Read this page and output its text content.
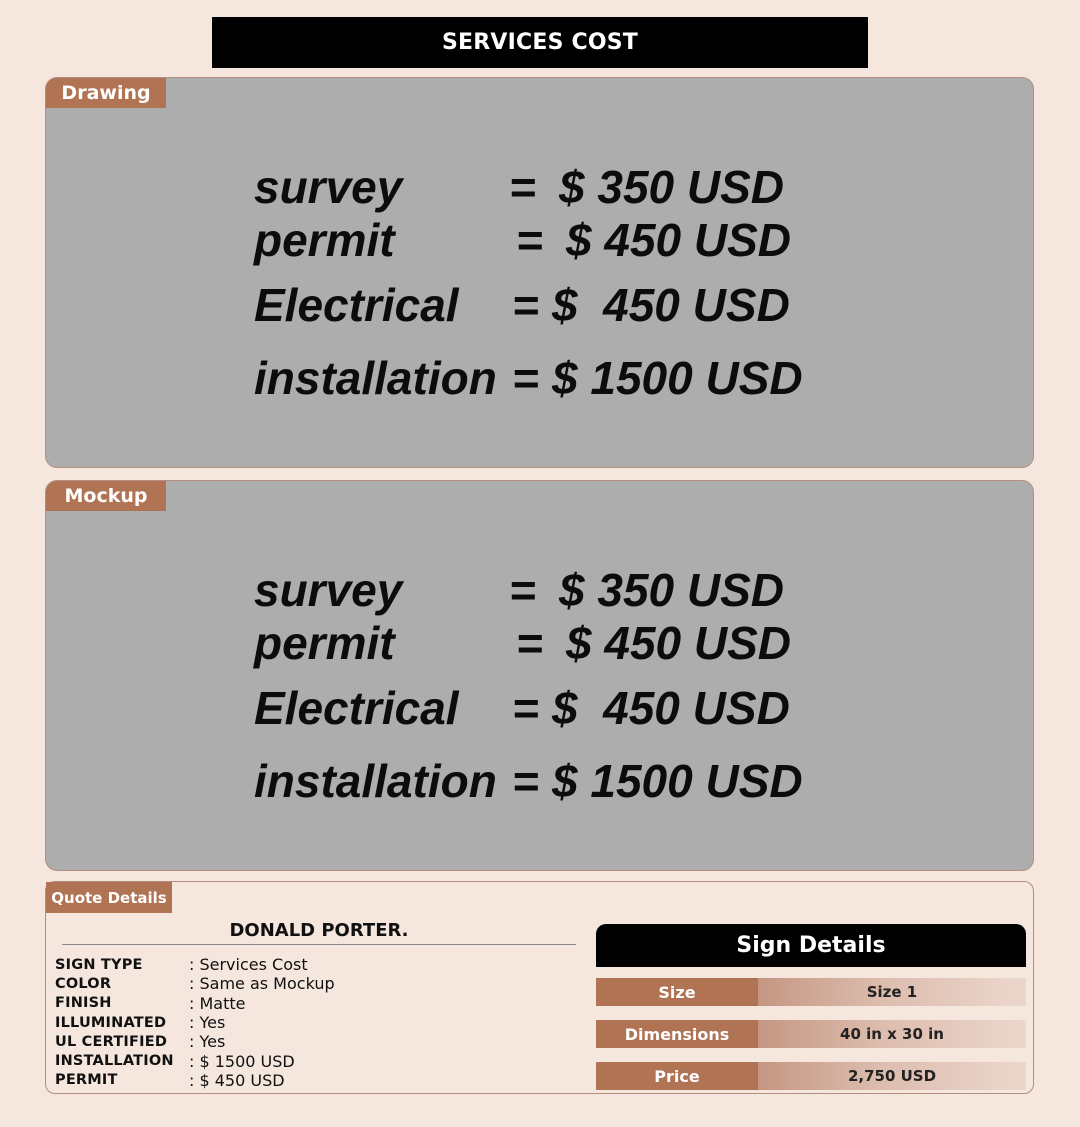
SERVICES COST
Drawing
survey = $ 350 USD
permit	= $ 450 USD
Electrical = $  450 USD
installation = $ 1500 USD
Mockup
survey = $ 350 USD
permit	= $ 450 USD
Electrical = $  450 USD
installation = $ 1500 USD
Quote Details
DONALD PORTER.
SIGN TYPE	: Services Cost
COLOR	: Same as Mockup
FINISH	: Matte
ILLUMINATED	: Yes
UL CERTIFIED	: Yes
INSTALLATION : $ 1500 USD
PERMIT	: $ 450 USD
Sign Details
Size	Size 1
Dimensions	40 in x 30 in
Price	2,750 USD
